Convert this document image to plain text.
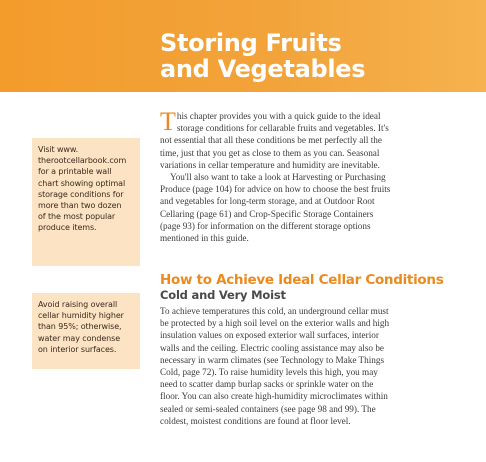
Storing Fruits
and Vegetables
Visit www.
therootcellarbook.com
for a printable wall
chart showing optimal
storage conditions for
more than two dozen
of the most popular
produce items.
Avoid raising overall
cellar humidity higher
than 95%; otherwise,
water may condense
on interior surfaces.
T his chapter provides you with a quick guide to the ideal
storage conditions for cellarable fruits and vegetables. It's
not essential that all these conditions be met perfectly all the
time, just that you get as close to them as you can. Seasonal
variations in cellar temperature and humidity are inevitable.
You'll also want to take a look at Harvesting or Purchasing
Produce (page 104) for advice on how to choose the best fruits
and vegetables for long-term storage, and at Outdoor Root
Cellaring (page 61) and Crop-Specific Storage Containers
(page 93) for information on the different storage options
mentioned in this guide.
How to Achieve Ideal Cellar Conditions
Cold and Very Moist
To achieve temperatures this cold, an underground cellar must
be protected by a high soil level on the exterior walls and high
insulation values on exposed exterior wall surfaces, interior
walls and the ceiling. Electric cooling assistance may also be
necessary in warm climates (see Technology to Make Things
Cold, page 72). To raise humidity levels this high, you may
need to scatter damp burlap sacks or sprinkle water on the
floor. You can also create high-humidity microclimates within
sealed or semi-sealed containers (see page 98 and 99). The
coldest, moistest conditions are found at floor level.
